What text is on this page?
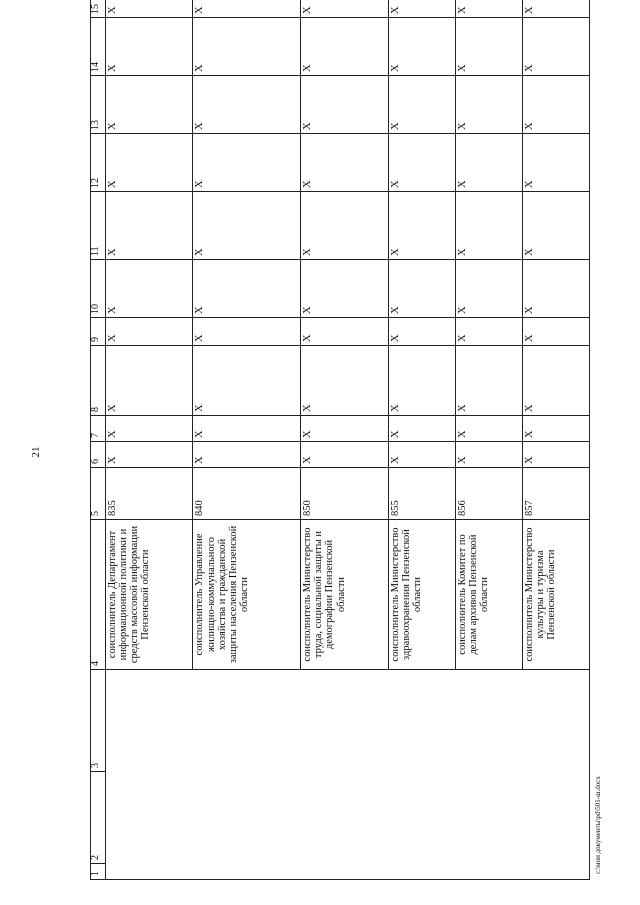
21
1	2	3	4	5	6	7	8	9	10	11	12	13	14	15
			соисполнитель Департамент информационной политики и средств массовой информации Пензенской области	835	X	X	X	X	X	X	X	X	X	X
			соисполнитель Управление жилищно-коммунального хозяйства и гражданской защиты населения Пензенской области	840	X	X	X	X	X	X	X	X	X	X
			соисполнитель Министерство труда, социальной защиты и демографии Пензенской области	850	X	X	X	X	X	X	X	X	X	X
			соисполнитель Министерство здравоохранения Пензенской области	855	X	X	X	X	X	X	X	X	X	X
			соисполнитель Комитет по делам архивов Пензенской области	856	X	X	X	X	X	X	X	X	X	X
			соисполнитель Министерство культуры и туризма Пензенской области	857	X	X	X	X	X	X	X	X	X	X
c:\мои документы\рd\501-ш.docx
